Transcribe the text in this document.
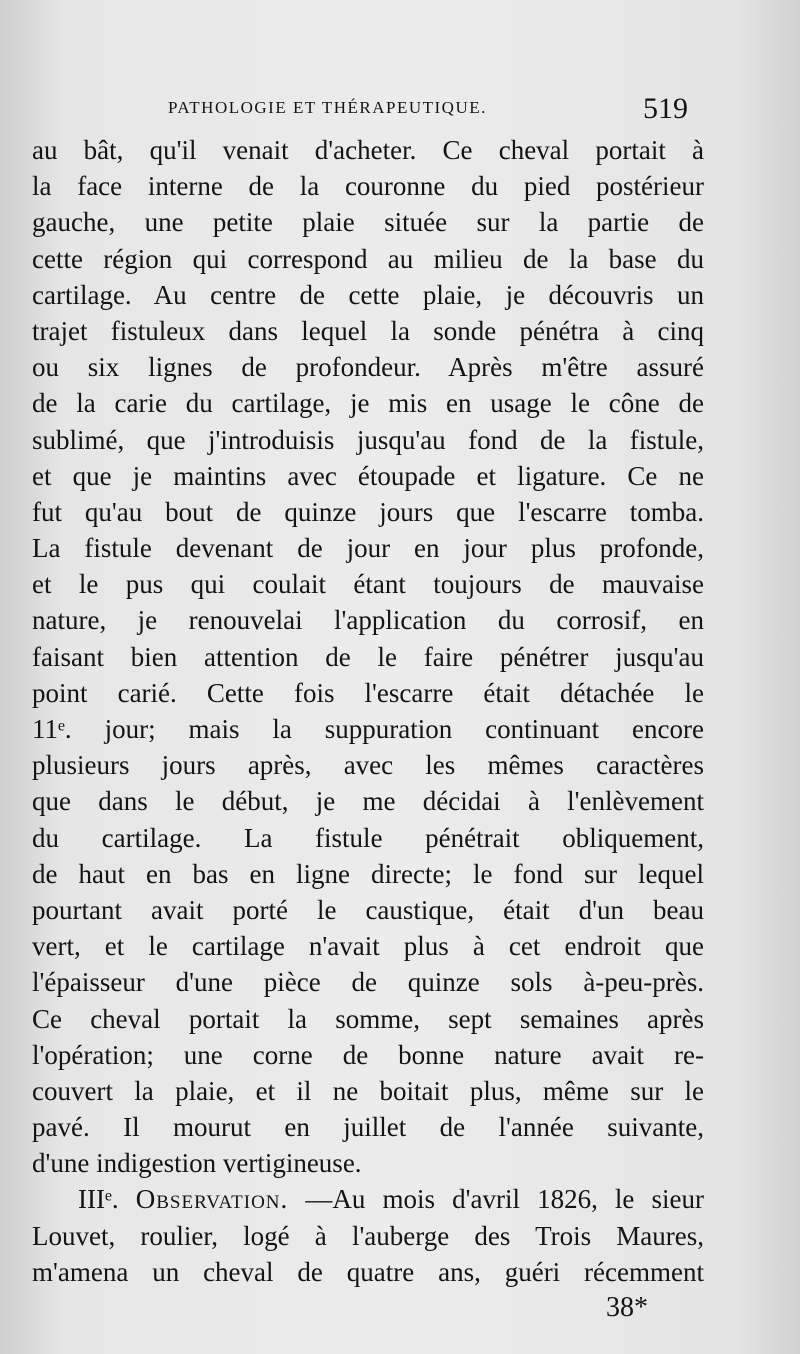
PATHOLOGIE ET THÉRAPEUTIQUE.	519
au bât, qu'il venait d'acheter. Ce cheval portait à
la face interne de la couronne du pied postérieur
gauche, une petite plaie située sur la partie de
cette région qui correspond au milieu de la base du
cartilage. Au centre de cette plaie, je découvris un
trajet fistuleux dans lequel la sonde pénétra à cinq
ou six lignes de profondeur. Après m'être assuré
de la carie du cartilage, je mis en usage le cône de
sublimé, que j'introduisis jusqu'au fond de la fistule,
et que je maintins avec étoupade et ligature. Ce ne
fut qu'au bout de quinze jours que l'escarre tomba.
La fistule devenant de jour en jour plus profonde,
et le pus qui coulait étant toujours de mauvaise
nature, je renouvelai l'application du corrosif, en
faisant bien attention de le faire pénétrer jusqu'au
point carié. Cette fois l'escarre était détachée le
11ᵉ. jour; mais la suppuration continuant encore
plusieurs jours après, avec les mêmes caractères
que dans le début, je me décidai à l'enlèvement
du cartilage. La fistule pénétrait obliquement,
de haut en bas en ligne directe; le fond sur lequel
pourtant avait porté le caustique, était d'un beau
vert, et le cartilage n'avait plus à cet endroit que
l'épaisseur d'une pièce de quinze sols à-peu-près.
Ce cheval portait la somme, sept semaines après
l'opération; une corne de bonne nature avait re-
couvert la plaie, et il ne boitait plus, même sur le
pavé. Il mourut en juillet de l'année suivante,
d'une indigestion vertigineuse.
IIIᵉ. Observation. —Au mois d'avril 1826, le sieur
Louvet, roulier, logé à l'auberge des Trois Maures,
m'amena un cheval de quatre ans, guéri récemment
38*
